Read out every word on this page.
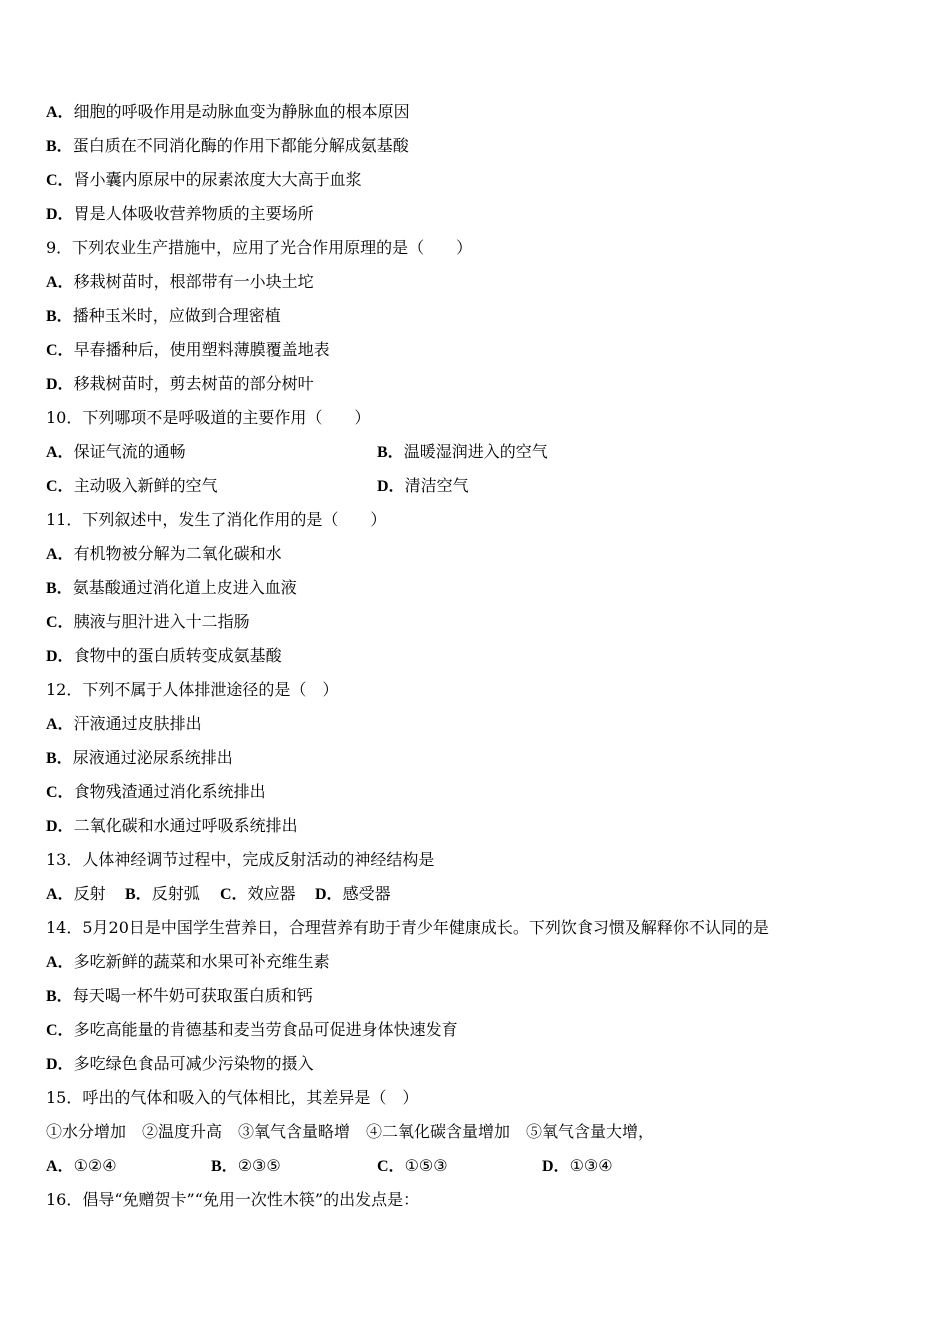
A．细胞的呼吸作用是动脉血变为静脉血的根本原因
B．蛋白质在不同消化酶的作用下都能分解成氨基酸
C．肾小囊内原尿中的尿素浓度大大高于血浆
D．胃是人体吸收营养物质的主要场所
9．下列农业生产措施中，应用了光合作用原理的是（　　）
A．移栽树苗时，根部带有一小块土坨
B．播种玉米时，应做到合理密植
C．早春播种后，使用塑料薄膜覆盖地表
D．移栽树苗时，剪去树苗的部分树叶
10．下列哪项不是呼吸道的主要作用（　　）
A．保证气流的通畅	B．温暖湿润进入的空气
C．主动吸入新鲜的空气	D．清洁空气
11．下列叙述中，发生了消化作用的是（　　）
A．有机物被分解为二氧化碳和水
B．氨基酸通过消化道上皮进入血液
C．胰液与胆汁进入十二指肠
D．食物中的蛋白质转变成氨基酸
12．下列不属于人体排泄途径的是（　）
A．汗液通过皮肤排出
B．尿液通过泌尿系统排出
C．食物残渣通过消化系统排出
D．二氧化碳和水通过呼吸系统排出
13．人体神经调节过程中，完成反射活动的神经结构是
A．反射 B．反射弧 C．效应器 D．感受器
14．5月20日是中国学生营养日，合理营养有助于青少年健康成长。下列饮食习惯及解释你不认同的是
A．多吃新鲜的蔬菜和水果可补充维生素
B．每天喝一杯牛奶可获取蛋白质和钙
C．多吃高能量的肯德基和麦当劳食品可促进身体快速发育
D．多吃绿色食品可减少污染物的摄入
15．呼出的气体和吸入的气体相比，其差异是（　）
①水分增加　②温度升高　③氧气含量略增　④二氧化碳含量增加　⑤氧气含量大增，
A．①②④	B．②③⑤	C．①⑤③	D．①③④
16．倡导“免赠贺卡”“免用一次性木筷”的出发点是：
